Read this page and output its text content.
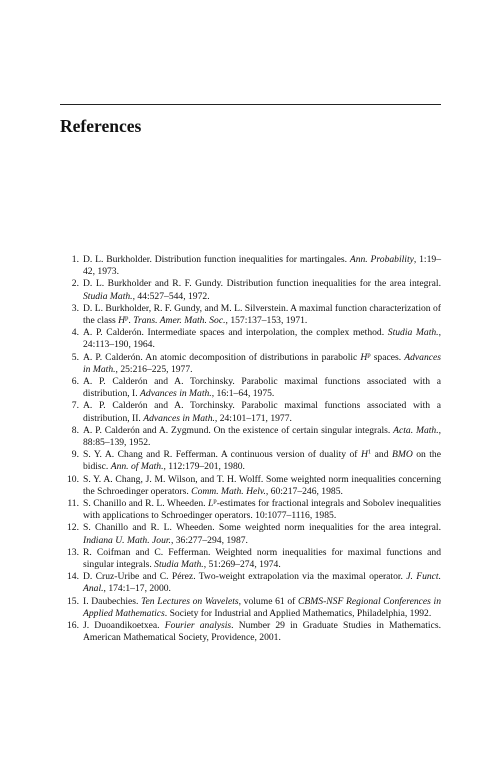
References
1. D. L. Burkholder. Distribution function inequalities for martingales. Ann. Probability, 1:19–42, 1973.
2. D. L. Burkholder and R. F. Gundy. Distribution function inequalities for the area integral. Studia Math., 44:527–544, 1972.
3. D. L. Burkholder, R. F. Gundy, and M. L. Silverstein. A maximal function characterization of the class $H^p$. Trans. Amer. Math. Soc., 157:137–153, 1971.
4. A. P. Calderón. Intermediate spaces and interpolation, the complex method. Studia Math., 24:113–190, 1964.
5. A. P. Calderón. An atomic decomposition of distributions in parabolic $H^p$ spaces. Advances in Math., 25:216–225, 1977.
6. A. P. Calderón and A. Torchinsky. Parabolic maximal functions associated with a distribution, I. Advances in Math., 16:1–64, 1975.
7. A. P. Calderón and A. Torchinsky. Parabolic maximal functions associated with a distribution, II. Advances in Math., 24:101–171, 1977.
8. A. P. Calderón and A. Zygmund. On the existence of certain singular integrals. Acta. Math., 88:85–139, 1952.
9. S. Y. A. Chang and R. Fefferman. A continuous version of duality of $H^1$ and BMO on the bidisc. Ann. of Math., 112:179–201, 1980.
10. S. Y. A. Chang, J. M. Wilson, and T. H. Wolff. Some weighted norm inequalities concerning the Schroedinger operators. Comm. Math. Helv., 60:217–246, 1985.
11. S. Chanillo and R. L. Wheeden. $L^p$-estimates for fractional integrals and Sobolev inequalities with applications to Schroedinger operators. 10:1077–1116, 1985.
12. S. Chanillo and R. L. Wheeden. Some weighted norm inequalities for the area integral. Indiana U. Math. Jour., 36:277–294, 1987.
13. R. Coifman and C. Fefferman. Weighted norm inequalities for maximal functions and singular integrals. Studia Math., 51:269–274, 1974.
14. D. Cruz-Uribe and C. Pérez. Two-weight extrapolation via the maximal operator. J. Funct. Anal., 174:1–17, 2000.
15. I. Daubechies. Ten Lectures on Wavelets, volume 61 of CBMS-NSF Regional Conferences in Applied Mathematics. Society for Industrial and Applied Mathematics, Philadelphia, 1992.
16. J. Duoandikoetxea. Fourier analysis. Number 29 in Graduate Studies in Mathematics. American Mathematical Society, Providence, 2001.
